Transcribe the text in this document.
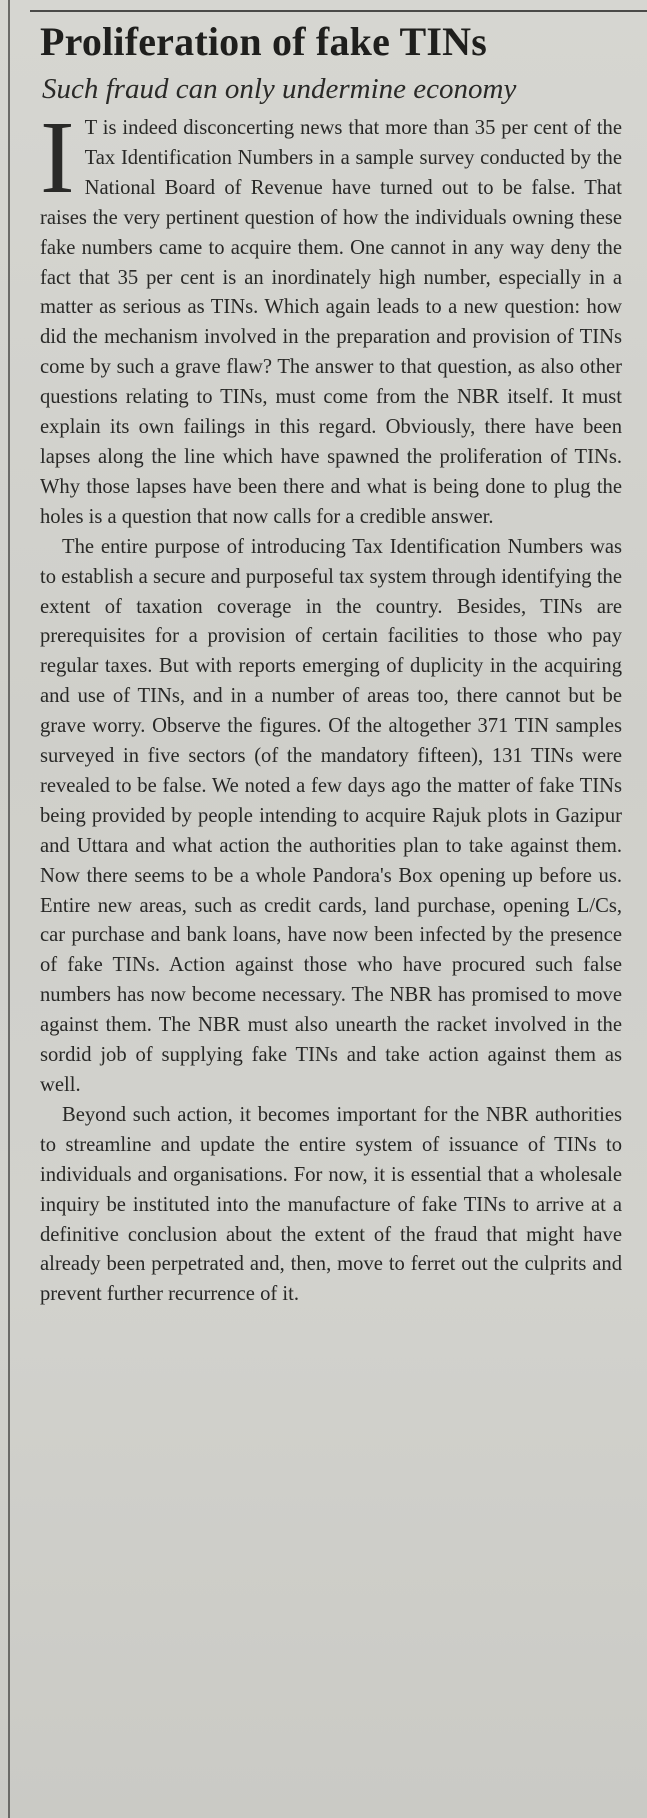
Proliferation of fake TINs
Such fraud can only undermine economy

I T is indeed disconcerting news that more than 35 per cent of the Tax Identification Numbers in a sample survey conducted by the National Board of Revenue have turned out to be false. That raises the very pertinent question of how the individuals owning these fake numbers came to acquire them. One cannot in any way deny the fact that 35 per cent is an inordinately high number, especially in a matter as serious as TINs. Which again leads to a new question: how did the mechanism involved in the preparation and provision of TINs come by such a grave flaw? The answer to that question, as also other questions relating to TINs, must come from the NBR itself. It must explain its own failings in this regard. Obviously, there have been lapses along the line which have spawned the proliferation of TINs. Why those lapses have been there and what is being done to plug the holes is a question that now calls for a credible answer.

The entire purpose of introducing Tax Identification Numbers was to establish a secure and purposeful tax system through identifying the extent of taxation coverage in the country. Besides, TINs are prerequisites for a provision of certain facilities to those who pay regular taxes. But with reports emerging of duplicity in the acquiring and use of TINs, and in a number of areas too, there cannot but be grave worry. Observe the figures. Of the altogether 371 TIN samples surveyed in five sectors (of the mandatory fifteen), 131 TINs were revealed to be false. We noted a few days ago the matter of fake TINs being provided by people intending to acquire Rajuk plots in Gazipur and Uttara and what action the authorities plan to take against them. Now there seems to be a whole Pandora's Box opening up before us. Entire new areas, such as credit cards, land purchase, opening L/Cs, car purchase and bank loans, have now been infected by the presence of fake TINs. Action against those who have procured such false numbers has now become necessary. The NBR has promised to move against them. The NBR must also unearth the racket involved in the sordid job of supplying fake TINs and take action against them as well.

Beyond such action, it becomes important for the NBR authorities to streamline and update the entire system of issuance of TINs to individuals and organisations. For now, it is essential that a wholesale inquiry be instituted into the manufacture of fake TINs to arrive at a definitive conclusion about the extent of the fraud that might have already been perpetrated and, then, move to ferret out the culprits and prevent further recurrence of it.
